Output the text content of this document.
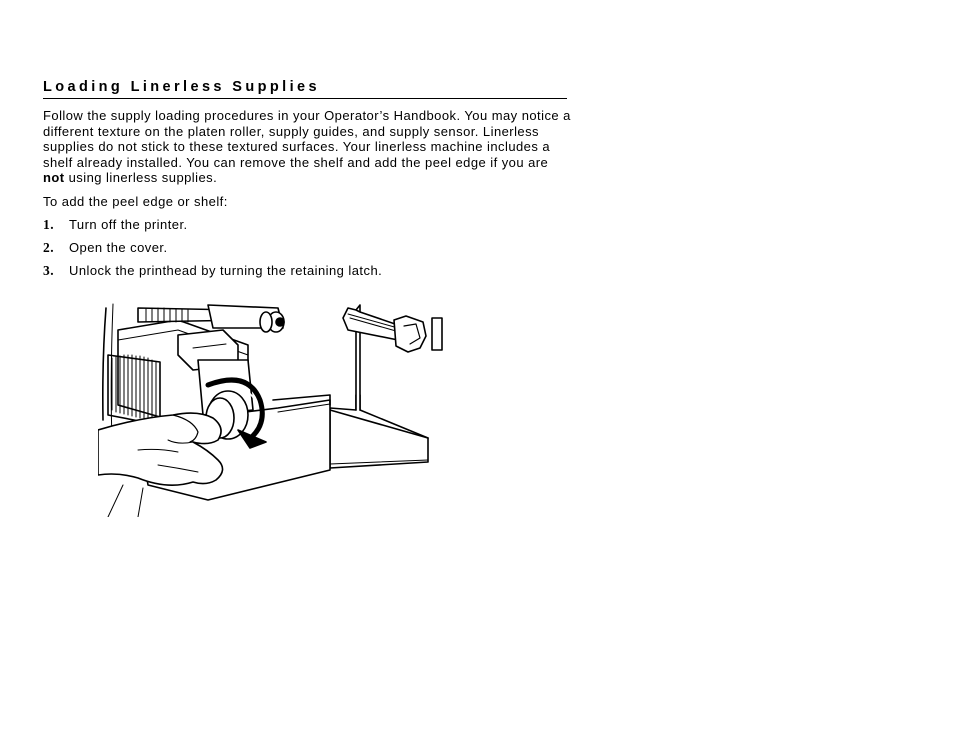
Loading Linerless Supplies

Follow the supply loading procedures in your Operator’s Handbook. You may notice a different texture on the platen roller, supply guides, and supply sensor. Linerless supplies do not stick to these textured surfaces. Your linerless machine includes a shelf already installed. You can remove the shelf and add the peel edge if you are not using linerless supplies.

To add the peel edge or shelf:

1.	Turn off the printer.
2.	Open the cover.
3.	Unlock the printhead by turning the retaining latch.
